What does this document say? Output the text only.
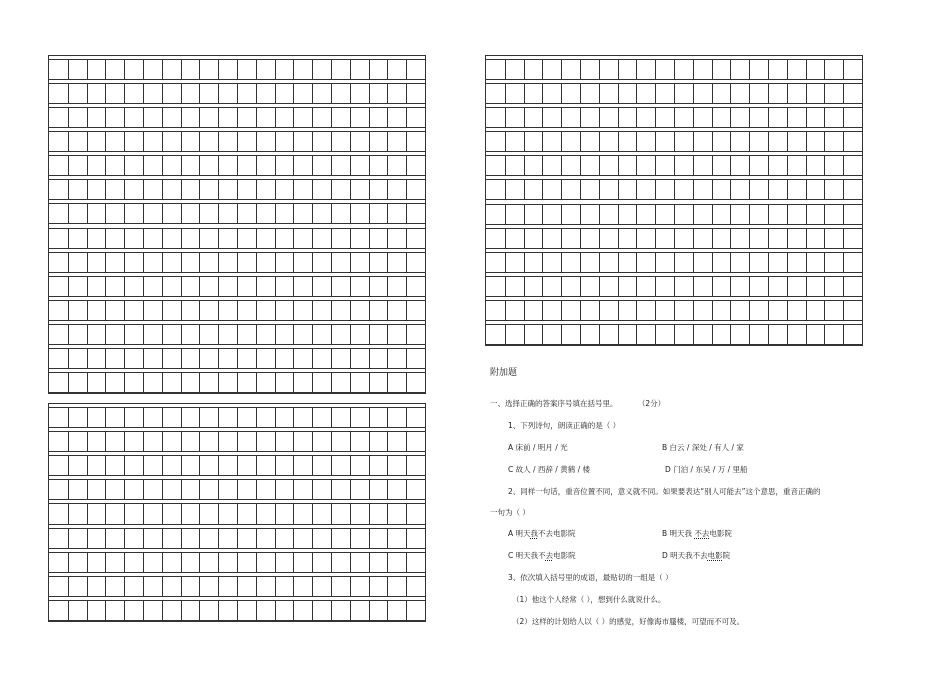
附加题
一、选择正确的答案序号填在括号里。	（2分）
1、下列诗句，朗读正确的是（ ）
A 床前 / 明月 / 光	B 白云 / 深处 / 有人 / 家
C 故人 / 西辞 / 黄鹤 / 楼	D 门泊 / 东吴 / 万 / 里船
2、同样一句话，重音位置不同，意义就不同。如果要表达“别人可能去”这个意思，重音正确的
一句为（ ）
A 明天我不去电影院	B 明天我 不去电影院
C 明天我不去电影院	D 明天我不去电影院
3、依次填入括号里的成语，最贴切的一组是（ ）
（1）他这个人经常（ ），想到什么就说什么。
（2）这样的计划给人以（ ）的感觉，好像海市蜃楼，可望而不可及。
